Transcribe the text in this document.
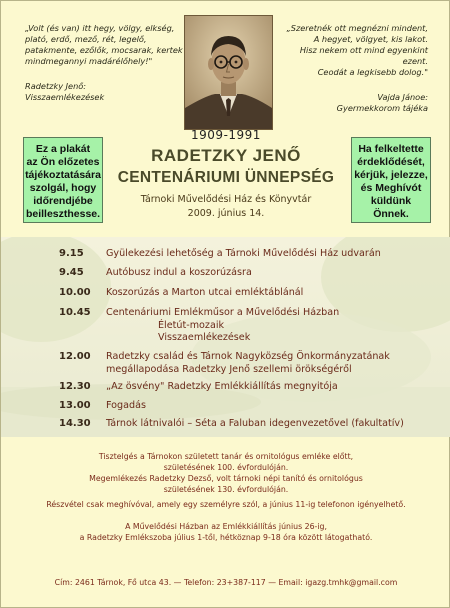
„Volt (és van) itt hegy, völgy, elkség,

plató, erdő, mező, rét, legelő,

patakmente, ezőlők, mocsarak, kertek

mindmegannyi madárélőhely!"

Radetzky Jenő:

Visszaemlékezések

„Szeretnék ott megnézni mindent,

A hegyet, völgyet, kis lakot.

Hisz nekem ott mind egyenkint ezent.

Ceodát a legkisebb dolog."

Vajda Jánoe:

Gyermekkorom tájéka

Ez a plakát
az Ön előzetes
tájékoztatására
szolgál, hogy
időrendjébe
beilleszthesse.
1909-1991
RADETZKY JENŐ
CENTENÁRIUMI ÜNNEPSÉG
Tárnoki Művelődési Ház és Könyvtár
2009. június 14.
Ha felkeltette
érdeklődését,
kérjük, jelezze,
és Meghívót
küldünk
Önnek.
9.15	Gyülekezési lehetőség a Tárnoki Művelődési Ház udvarán
9.45	Autóbusz indul a koszorúzásra
10.00	Koszorúzás a Marton utcai emléktáblánál
10.45	Centenáriumi Emlékműsor a Művelődési Házban
Életút-mozaik
Visszaemlékezések
12.00	Radetzky család és Tárnok Nagyközség Önkormányzatának
megállapodása Radetzky Jenő szellemi örökségéről
12.30	„Az ösvény" Radetzky Emlékkiállítás megnyitója
13.00	Fogadás
14.30	Tárnok látnivalói – Séta a Faluban idegenvezetővel (fakultatív)

Tisztelgés a Tárnokon született tanár és ornitológus emléke előtt,

születésének 100. évfordulóján.

Megemlékezés Radetzky Dezső, volt tárnoki népi tanító és ornitológus

születésének 130. évfordulóján.

Részvétel csak meghívóval, amely egy személyre szól, a június 11-ig telefonon igényelhető.

A Művelődési Házban az Emlékkiállítás június 26-ig,

a Radetzky Emlékszoba július 1-től, hétköznap 9-18 óra között látogatható.

Cím: 2461 Tárnok, Fő utca 43. — Telefon: 23+387-117 — Email: igazg.tmhk@gmail.com
